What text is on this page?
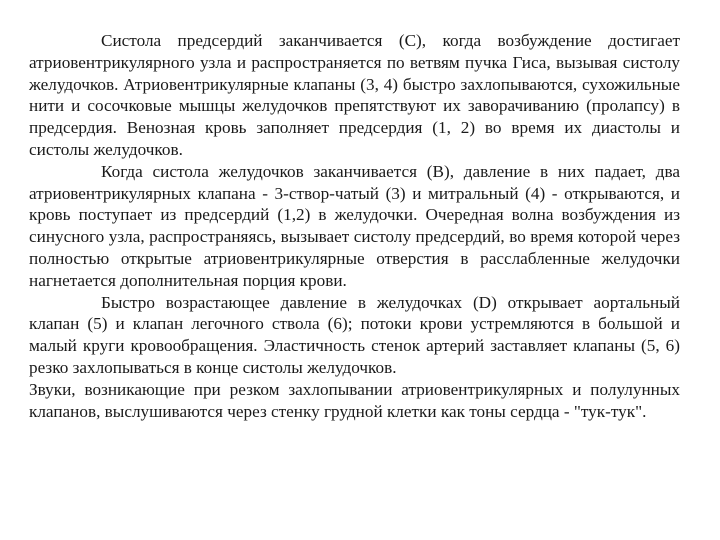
Систола предсердий заканчивается (С), когда возбуждение достигает атриовентрикулярного узла и распространяется по ветвям пучка Гиса, вызывая систолу желудочков. Атриовентрикулярные клапаны (3, 4) быстро захлопываются, сухожильные нити и сосочковые мышцы желудочков препятствуют их заворачиванию (пролапсу) в предсердия. Венозная кровь заполняет предсердия (1, 2) во время их диастолы и систолы желудочков.

Когда систола желудочков заканчивается (В), давление в них падает, два атриовентрикулярных клапана - 3-створ-чатый (3) и митральный (4) - открываются, и кровь поступает из предсердий (1,2) в желудочки. Очередная волна возбуждения из синусного узла, распространяясь, вызывает систолу предсердий, во время которой через полностью открытые атриовентрикулярные отверстия в расслабленные желудочки нагнетается дополнительная порция крови.

Быстро возрастающее давление в желудочках (D) открывает аортальный клапан (5) и клапан легочного ствола (6); потоки крови устремляются в большой и малый круги кровообращения. Эластичность стенок артерий заставляет клапаны (5, 6) резко захлопываться в конце систолы желудочков.

Звуки, возникающие при резком захлопывании атриовентрикулярных и полулунных клапанов, выслушиваются через стенку грудной клетки как тоны сердца - "тук-тук".
